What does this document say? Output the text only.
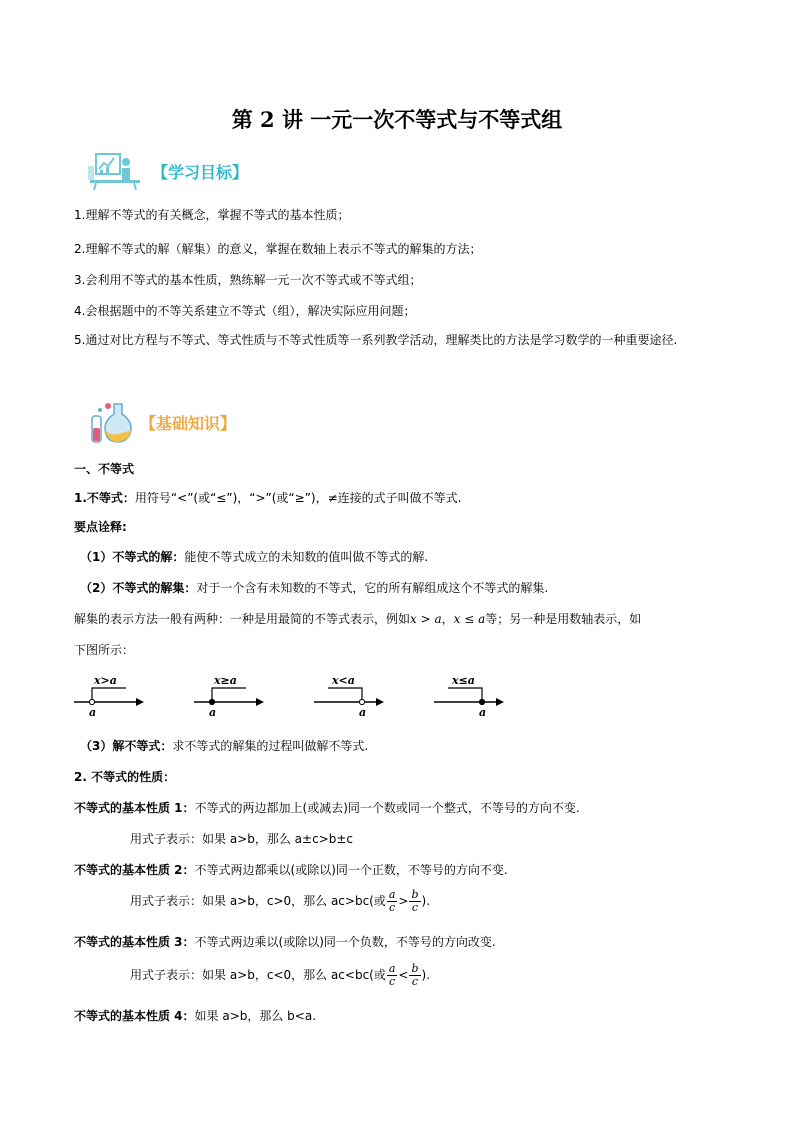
第 2 讲 一元一次不等式与不等式组
【学习目标】
1.理解不等式的有关概念，掌握不等式的基本性质；
2.理解不等式的解（解集）的意义，掌握在数轴上表示不等式的解集的方法；
3.会利用不等式的基本性质，熟练解一元一次不等式或不等式组；
4.会根据题中的不等关系建立不等式（组），解决实际应用问题；
5.通过对比方程与不等式、等式性质与不等式性质等一系列教学活动，理解类比的方法是学习数学的一种重要途径.
【基础知识】
一、不等式
1.不等式：用符号“<”(或“≤”)，“>”(或“≥”)，≠连接的式子叫做不等式.
要点诠释:
（1）不等式的解：能使不等式成立的未知数的值叫做不等式的解.
（2）不等式的解集：对于一个含有未知数的不等式，它的所有解组成这个不等式的解集.
解集的表示方法一般有两种：一种是用最简的不等式表示，例如x > a，x ≤ a等；另一种是用数轴表示，如
下图所示：
x>a
a
x≥a
a
x<a
a
x≤a
a
（3）解不等式：求不等式的解集的过程叫做解不等式.
2. 不等式的性质：
不等式的基本性质 1：不等式的两边都加上(或减去)同一个数或同一个整式，不等号的方向不变.
用式子表示：如果 a>b，那么 a±c>b±c
不等式的基本性质 2：不等式两边都乘以(或除以)同一个正数，不等号的方向不变.
用式子表示：如果 a>b，c>0，那么 ac>bc(或 $\frac{a}{c} > \frac{b}{c}$ ).
不等式的基本性质 3：不等式两边乘以(或除以)同一个负数，不等号的方向改变.
用式子表示：如果 a>b，c<0，那么 ac<bc(或 $\frac{a}{c} < \frac{b}{c}$ ).
不等式的基本性质 4：如果 a>b，那么 b<a.
